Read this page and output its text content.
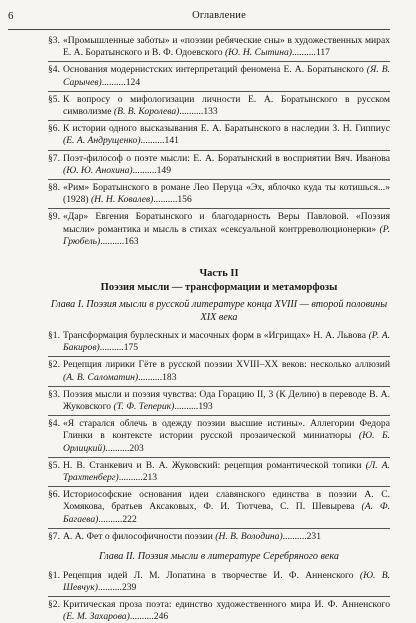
6	Оглавление
§3. «Промышленные заботы» и «поэзии ребяческие сны» в художественных мирах Е. А. Боратынского и В. Ф. Одоевского (Ю. Н. Сытина)..........117
§4. Основания модернистских интерпретаций феномена Е. А. Боратынского (Я. В. Сарычев)..........124
§5. К вопросу о мифологизации личности Е. А. Боратынского в русском символизме (В. В. Королева)..........133
§6. К истории одного высказывания Е. А. Баратынского в наследии З. Н. Гиппиус (Е. А. Андрущенко)..........141
§7. Поэт-философ о поэте мысли: Е. А. Боратынский в восприятии Вяч. Иванова (Ю. Ю. Анохина)..........149
§8. «Рим» Боратынского в романе Лео Перуца «Эх, яблочко куда ты котишься...» (1928) (Н. Н. Ковалев)..........156
§9. «Дар» Евгения Боратынского и благодарность Веры Павловой. «Поэзия мысли» романтика и мысль в стихах «сексуальной контрреволюционерки» (Р. Грюбель)..........163
Часть II
Поэзия мысли — трансформации и метаморфозы
Глава I. Поэзия мысли в русской литературе конца XVIII — второй половины XIX века
§1. Трансформация бурлескных и масочных форм в «Игрищах» Н. А. Львова (Р. А. Бакиров)..........175
§2. Рецепция лирики Гёте в русской поэзии XVIII–XX веков: несколько аллюзий (А. В. Саломатин)..........183
§3. Поэзия мысли и поэзия чувства: Ода Горацию II, 3 (К Делию) в переводе В. А. Жуковского (Т. Ф. Теперик)..........193
§4. «Я старался облечь в одежду поэзии высшие истины». Аллегории Федора Глинки в контексте истории русской прозаической миниатюры (Ю. Б. Орлицкий)..........203
§5. Н. В. Станкевич и В. А. Жуковский: рецепция романтической топики (Л. А. Трахтенберг)..........213
§6. Историософские основания идеи славянского единства в поэзии А. С. Хомякова, братьев Аксаковых, Ф. И. Тютчева, С. П. Шевырева (А. Ф. Багаева)..........222
§7. А. А. Фет о философичности поэзии (Н. В. Володина)..........231
Глава II. Поэзия мысли в литературе Серебряного века
§1. Рецепция идей Л. М. Лопатина в творчестве И. Ф. Анненского (Ю. В. Шевчук)..........239
§2. Критическая проза поэта: единство художественного мира И. Ф. Анненского (Е. М. Захарова)..........246
